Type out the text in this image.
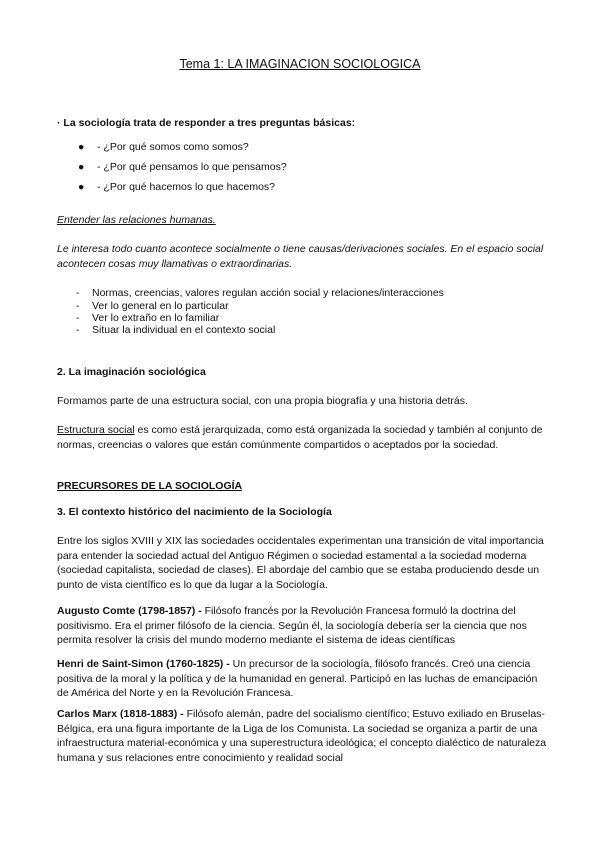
Tema 1: LA IMAGINACION SOCIOLOGICA
· La sociología trata de responder a tres preguntas básicas:
● - ¿Por qué somos como somos?
● - ¿Por qué pensamos lo que pensamos?
● - ¿Por qué hacemos lo que hacemos?
Entender las relaciones humanas.
Le interesa todo cuanto acontece socialmente o tiene causas/derivaciones sociales. En el espacio social acontecen cosas muy llamativas o extraordinarias.
- Normas, creencias, valores regulan acción social y relaciones/interacciones
- Ver lo general en lo particular
- Ver lo extraño en lo familiar
- Situar la individual en el contexto social
2. La imaginación sociológica
Formamos parte de una estructura social, con una propia biografía y una historia detrás.
Estructura social es como está jerarquizada, como está organizada la sociedad y también al conjunto de normas, creencias o valores que están comúnmente compartidos o aceptados por la sociedad.
PRECURSORES DE LA SOCIOLOGÍA
3. El contexto histórico del nacimiento de la Sociología
Entre los siglos XVIII y XIX las sociedades occidentales experimentan una transición de vital importancia para entender la sociedad actual del Antiguo Régimen o sociedad estamental a la sociedad moderna (sociedad capitalista, sociedad de clases). El abordaje del cambio que se estaba produciendo desde un punto de vista científico es lo que da lugar a la Sociología.
Augusto Comte (1798-1857) - Filósofo francés por la Revolución Francesa formuló la doctrina del positivismo. Era el primer filósofo de la ciencia. Según él, la sociología debería ser la ciencia que nos permita resolver la crisis del mundo moderno mediante el sistema de ideas científicas
Henri de Saint-Simon (1760-1825) - Un precursor de la sociología, filósofo francés. Creó una ciencia positiva de la moral y la política y de la humanidad en general. Participó en las luchas de emancipación de América del Norte y en la Revolución Francesa.
Carlos Marx (1818-1883) - Filósofo alemán, padre del socialismo científico; Estuvo exiliado en Bruselas-Bélgica, era una figura importante de la Liga de los Comunista. La sociedad se organiza a partir de una infraestructura material-económica y una superestructura ideológica; el concepto dialéctico de naturaleza humana y sus relaciones entre conocimiento y realidad social
